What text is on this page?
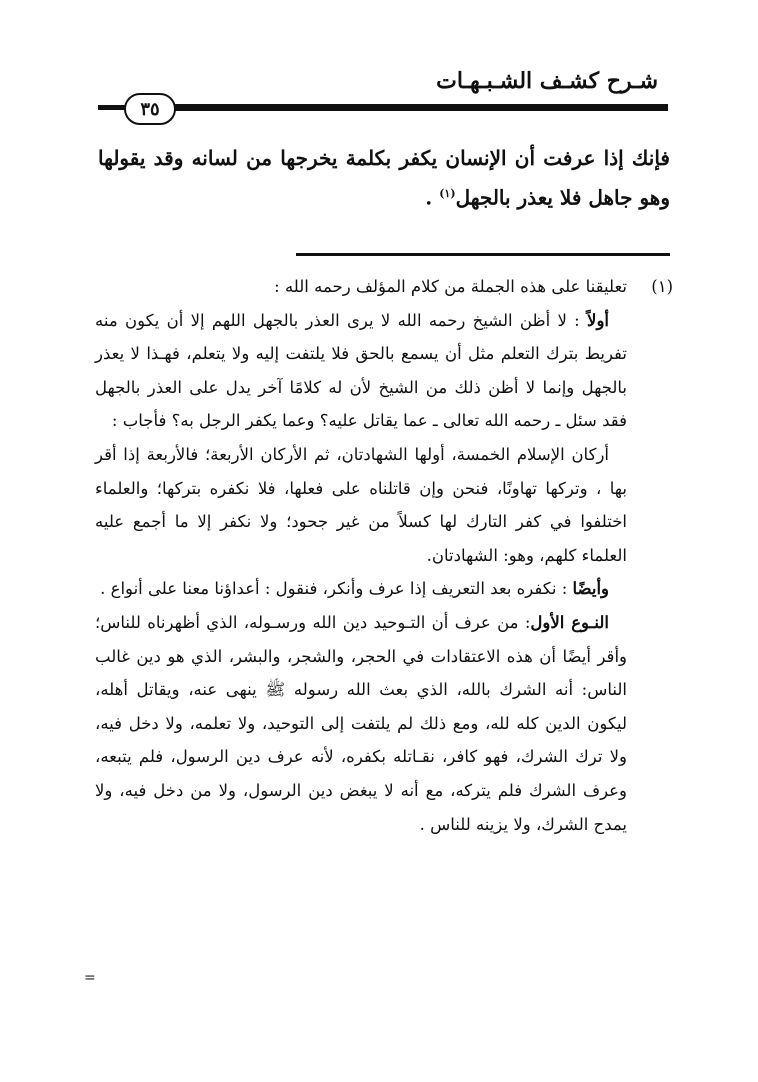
شـرح كشـف الشـبـهـات
٣٥

فإنك إذا عرفت أن الإنسان يكفر بكلمة يخرجها من لسانه وقد يقولها وهو جاهل فلا يعذر بالجهل$^{(١)}$ .

(١)

تعليقنا على هذه الجملة من كلام المؤلف رحمه الله :

أولاً : لا أظن الشيخ رحمه الله لا يرى العذر بالجهل اللهم إلا أن يكون منه تفريط بترك التعلم مثل أن يسمع بالحق فلا يلتفت إليه ولا يتعلم، فهـذا لا يعذر بالجهل وإنما لا أظن ذلك من الشيخ لأن له كلامًا آخر يدل على العذر بالجهل فقد سئل ـ رحمه الله تعالى ـ عما يقاتل عليه؟ وعما يكفر الرجل به؟ فأجاب :

أركان الإسلام الخمسة، أولها الشهادتان، ثم الأركان الأربعة؛ فالأربعة إذا أقر بها ، وتركها تهاونًا، فنحن وإن قاتلناه على فعلها، فلا نكفره بتركها؛ والعلماء اختلفوا في كفر التارك لها كسلاً من غير جحود؛ ولا نكفر إلا ما أجمع عليه العلماء كلهم، وهو: الشهادتان.

وأيضًا : نكفره بعد التعريف إذا عرف وأنكر، فنقول : أعداؤنا معنا على أنواع .

النـوع الأول: من عرف أن التـوحيد دين الله ورسـوله، الذي أظهرناه للناس؛ وأقر أيضًا أن هذه الاعتقادات في الحجر، والشجر، والبشر، الذي هو دين غالب الناس: أنه الشرك بالله، الذي بعث الله رسوله ﷺ ينهى عنه، ويقاتل أهله، ليكون الدين كله لله، ومع ذلك لم يلتفت إلى التوحيد، ولا تعلمه، ولا دخل فيه، ولا ترك الشرك، فهو كافر، نقـاتله بكفره، لأنه عرف دين الرسول، فلم يتبعه، وعرف الشرك فلم يتركه، مع أنه لا يبغض دين الرسول، ولا من دخل فيه، ولا يمدح الشرك، ولا يزينه للناس .

=
